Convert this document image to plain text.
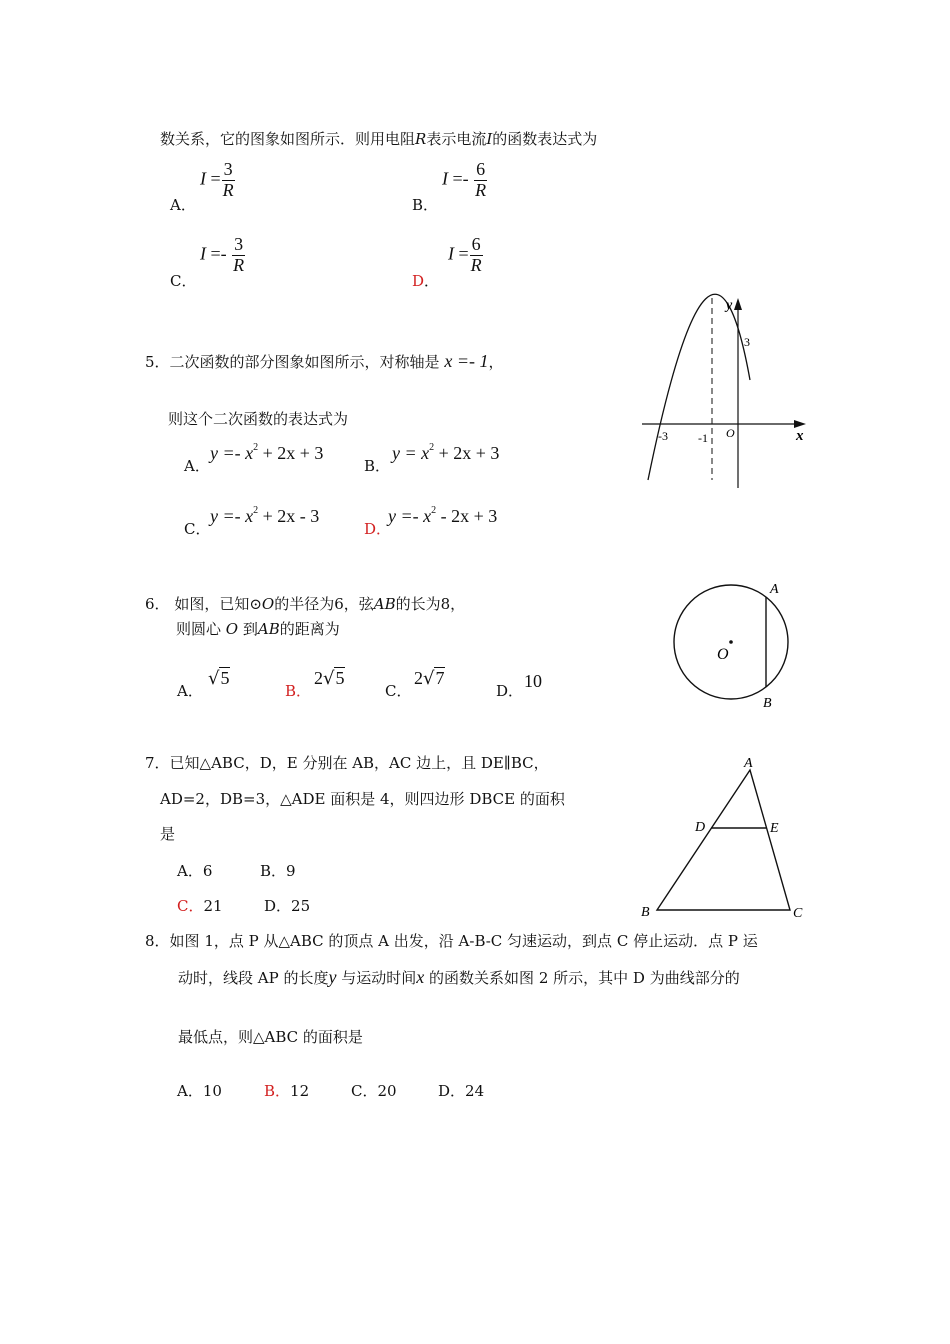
数关系，它的图象如图所示．则用电阻R表示电流I的函数表达式为
A．
$I = \frac{3}{R}$
B．
$I =- \frac{6}{R}$
C．
$I =- \frac{3}{R}$
D．
$I = \frac{6}{R}$
5．二次函数的部分图象如图所示，对称轴是 x =- 1，
则这个二次函数的表达式为
A．
$y =- x^2 + 2x + 3$
B．
$y = x^2 + 2x + 3$
C．
$y =- x^2 + 2x - 3$
D．
$y =- x^2 - 2x + 3$
y
x
O
-3	-1
3
6． 如图，已知⊙O的半径为6，弦AB的长为8，
则圆心 O 到AB的距离为
A．
√5
B．
2√5
C．
2√7
D． 10
A
B
O
7．已知△ABC，D，E 分别在 AB，AC 边上，且 DE∥BC，
AD=2，DB=3，△ADE 面积是 4，则四边形 DBCE 的面积
是
A．6	B．9
C．21	D．25
A
B	C
D	E
8．如图 1，点 P 从△ABC 的顶点 A 出发，沿 A-B-C 匀速运动，到点 C 停止运动．点 P 运
动时，线段 AP 的长度y 与运动时间x 的函数关系如图 2 所示，其中 D 为曲线部分的
最低点，则△ABC 的面积是
A．10	B．12	C．20	D．24
